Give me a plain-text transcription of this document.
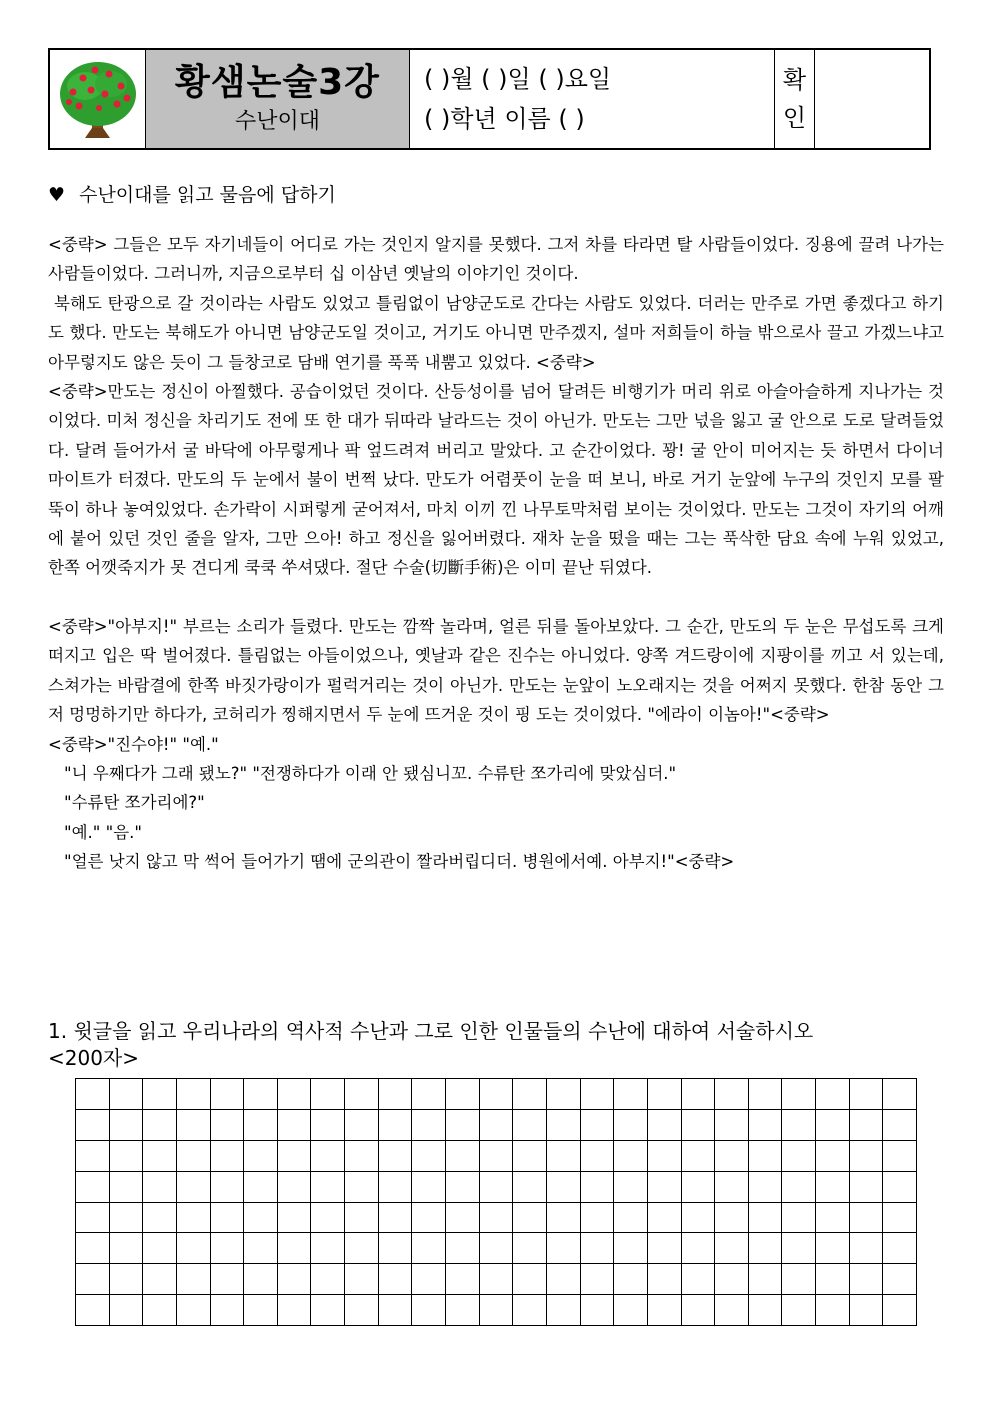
황샘논술3강
수난이대
( )월 ( )일 ( )요일
( )학년 이름 ( )
확
인
♥ 수난이대를 읽고 물음에 답하기

<중략> 그들은 모두 자기네들이 어디로 가는 것인지 알지를 못했다. 그저 차를 타라면 탈 사람들이었다. 징용에 끌려 나가는 사람들이었다. 그러니까, 지금으로부터 십 이삼년 옛날의 이야기인 것이다.

북해도 탄광으로 갈 것이라는 사람도 있었고 틀림없이 남양군도로 간다는 사람도 있었다. 더러는 만주로 가면 좋겠다고 하기도 했다. 만도는 북해도가 아니면 남양군도일 것이고, 거기도 아니면 만주겠지, 설마 저희들이 하늘 밖으로사 끌고 가겠느냐고 아무렇지도 않은 듯이 그 들창코로 담배 연기를 푹푹 내뿜고 있었다. <중략>

<중략>만도는 정신이 아찔했다. 공습이었던 것이다. 산등성이를 넘어 달려든 비행기가 머리 위로 아슬아슬하게 지나가는 것이었다. 미처 정신을 차리기도 전에 또 한 대가 뒤따라 날라드는 것이 아닌가. 만도는 그만 넋을 잃고 굴 안으로 도로 달려들었다. 달려 들어가서 굴 바닥에 아무렇게나 팍 엎드려져 버리고 말았다. 고 순간이었다. 꽝! 굴 안이 미어지는 듯 하면서 다이너마이트가 터졌다. 만도의 두 눈에서 불이 번쩍 났다. 만도가 어렴풋이 눈을 떠 보니, 바로 거기 눈앞에 누구의 것인지 모를 팔뚝이 하나 놓여있었다. 손가락이 시퍼렇게 굳어져서, 마치 이끼 낀 나무토막처럼 보이는 것이었다. 만도는 그것이 자기의 어깨에 붙어 있던 것인 줄을 알자, 그만 으아! 하고 정신을 잃어버렸다. 재차 눈을 떴을 때는 그는 푹삭한 담요 속에 누워 있었고, 한쪽 어깻죽지가 못 견디게 쿡쿡 쑤셔댔다. 절단 수술(切斷手術)은 이미 끝난 뒤였다.

<중략>"아부지!" 부르는 소리가 들렸다. 만도는 깜짝 놀라며, 얼른 뒤를 돌아보았다. 그 순간, 만도의 두 눈은 무섭도록 크게 떠지고 입은 딱 벌어졌다. 틀림없는 아들이었으나, 옛날과 같은 진수는 아니었다. 양쪽 겨드랑이에 지팡이를 끼고 서 있는데, 스쳐가는 바람결에 한쪽 바짓가랑이가 펄럭거리는 것이 아닌가. 만도는 눈앞이 노오래지는 것을 어쩌지 못했다. 한참 동안 그저 멍멍하기만 하다가, 코허리가 찡해지면서 두 눈에 뜨거운 것이 핑 도는 것이었다. "에라이 이놈아!"<중략>

<중략>"진수야!" "예."

"니 우째다가 그래 됐노?" "전쟁하다가 이래 안 됐심니꼬. 수류탄 쪼가리에 맞았심더."

"수류탄 쪼가리에?"

"예." "음."

"얼른 낫지 않고 막 썩어 들어가기 땜에 군의관이 짤라버립디더. 병원에서예. 아부지!"<중략>

1. 윗글을 읽고 우리나라의 역사적 수난과 그로 인한 인물들의 수난에 대하여 서술하시오
<200자>
